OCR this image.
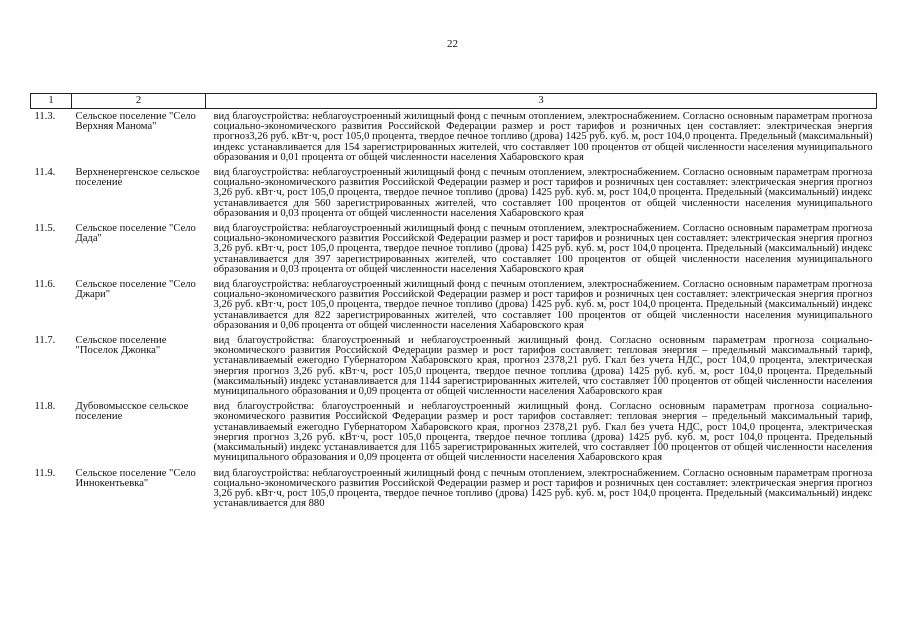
22
1	2	3
11.3.	Сельское поселение "Село Верхняя Манома"	вид благоустройства: неблагоустроенный жилищный фонд с печным отоплением, электроснабжением. Согласно основным параметрам прогноза социально-экономического развития Российской Федерации размер и рост тарифов и розничных цен составляет: электрическая энергия прогноз3,26 руб. кВт·ч, рост 105,0 процента, твердое печное топливо (дрова) 1425 руб. куб. м, рост 104,0 процента. Предельный (максимальный) индекс устанавливается для 154 зарегистрированных жителей, что составляет 100 процентов от общей численности населения муниципального образования и 0,01 процента от общей численности населения Хабаровского края
11.4.	Верхненергенское сельское поселение	вид благоустройства: неблагоустроенный жилищный фонд с печным отоплением, электроснабжением. Согласно основным параметрам прогноза социально-экономического развития Российской Федерации размер и рост тарифов и розничных цен составляет: электрическая энергия прогноз 3,26 руб. кВт·ч, рост 105,0 процента, твердое печное топливо (дрова) 1425 руб. куб. м, рост 104,0 процента. Предельный (максимальный) индекс устанавливается для 560 зарегистрированных жителей, что составляет 100 процентов от общей численности населения муниципального образования и 0,03 процента от общей численности населения Хабаровского края
11.5.	Сельское поселение "Село Дада"	вид благоустройства: неблагоустроенный жилищный фонд с печным отоплением, электроснабжением. Согласно основным параметрам прогноза социально-экономического развития Российской Федерации размер и рост тарифов и розничных цен составляет: электрическая энергия прогноз 3,26 руб. кВт·ч, рост 105,0 процента, твердое печное топливо (дрова) 1425 руб. куб. м, рост 104,0 процента. Предельный (максимальный) индекс устанавливается для 397 зарегистрированных жителей, что составляет 100 процентов от общей численности населения муниципального образования и 0,03 процента от общей численности населения Хабаровского края
11.6.	Сельское поселение "Село Джари"	вид благоустройства: неблагоустроенный жилищный фонд с печным отоплением, электроснабжением. Согласно основным параметрам прогноза социально-экономического развития Российской Федерации размер и рост тарифов и розничных цен составляет: электрическая энергия прогноз 3,26 руб. кВт·ч, рост 105,0 процента, твердое печное топливо (дрова) 1425 руб. куб. м, рост 104,0 процента. Предельный (максимальный) индекс устанавливается для 822 зарегистрированных жителей, что составляет 100 процентов от общей численности населения муниципального образования и 0,06 процента от общей численности населения Хабаровского края
11.7.	Сельское поселение "Поселок Джонка"	вид благоустройства: благоустроенный и неблагоустроенный жилищный фонд. Согласно основным параметрам прогноза социально-экономического развития Российской Федерации размер и рост тарифов составляет: тепловая энергия – предельный максимальный тариф, устанавливаемый ежегодно Губернатором Хабаровского края, прогноз 2378,21 руб. Гкал без учета НДС, рост 104,0 процента, электрическая энергия прогноз 3,26 руб. кВт·ч, рост 105,0 процента, твердое печное топлива (дрова) 1425 руб. куб. м, рост 104,0 процента. Предельный (максимальный) индекс устанавливается для 1144 зарегистрированных жителей, что составляет 100 процентов от общей численности населения муниципального образования и 0,09 процента от общей численности населения Хабаровского края
11.8.	Дубовомысское сельское поселение	вид благоустройства: благоустроенный и неблагоустроенный жилищный фонд. Согласно основным параметрам прогноза социально-экономического развития Российской Федерации размер и рост тарифов составляет: тепловая энергия – предельный максимальный тариф, устанавливаемый ежегодно Губернатором Хабаровского края, прогноз 2378,21 руб. Гкал без учета НДС, рост 104,0 процента, электрическая энергия прогноз 3,26 руб. кВт·ч, рост 105,0 процента, твердое печное топлива (дрова) 1425 руб. куб. м, рост 104,0 процента. Предельный (максимальный) индекс устанавливается для 1165 зарегистрированных жителей, что составляет 100 процентов от общей численности населения муниципального образования и 0,09 процента от общей численности населения Хабаровского края
11.9.	Сельское поселение "Село Иннокентьевка"	вид благоустройства: неблагоустроенный жилищный фонд с печным отоплением, электроснабжением. Согласно основным параметрам прогноза социально-экономического развития Российской Федерации размер и рост тарифов и розничных цен составляет: электрическая энергия прогноз 3,26 руб. кВт·ч, рост 105,0 процента, твердое печное топливо (дрова) 1425 руб. куб. м, рост 104,0 процента. Предельный (максимальный) индекс устанавливается для 880
